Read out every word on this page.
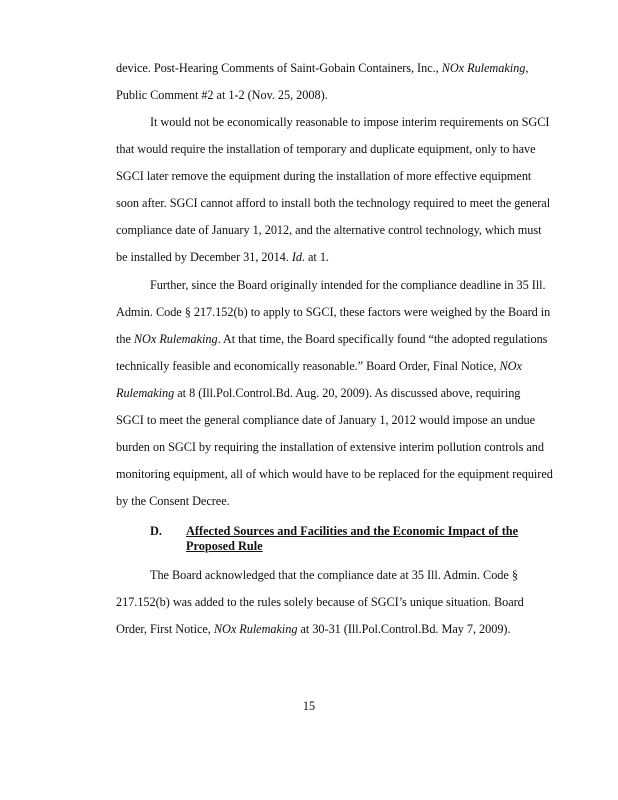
device. Post-Hearing Comments of Saint-Gobain Containers, Inc., NOx Rulemaking,
Public Comment #2 at 1-2 (Nov. 25, 2008).
It would not be economically reasonable to impose interim requirements on SGCI
that would require the installation of temporary and duplicate equipment, only to have
SGCI later remove the equipment during the installation of more effective equipment
soon after. SGCI cannot afford to install both the technology required to meet the general
compliance date of January 1, 2012, and the alternative control technology, which must
be installed by December 31, 2014. Id. at 1.
Further, since the Board originally intended for the compliance deadline in 35 Ill.
Admin. Code § 217.152(b) to apply to SGCI, these factors were weighed by the Board in
the NOx Rulemaking. At that time, the Board specifically found “the adopted regulations
technically feasible and economically reasonable.” Board Order, Final Notice, NOx
Rulemaking at 8 (Ill.Pol.Control.Bd. Aug. 20, 2009). As discussed above, requiring
SGCI to meet the general compliance date of January 1, 2012 would impose an undue
burden on SGCI by requiring the installation of extensive interim pollution controls and
monitoring equipment, all of which would have to be replaced for the equipment required
by the Consent Decree.
D. Affected Sources and Facilities and the Economic Impact of the
Proposed Rule
The Board acknowledged that the compliance date at 35 Ill. Admin. Code §
217.152(b) was added to the rules solely because of SGCI’s unique situation. Board
Order, First Notice, NOx Rulemaking at 30-31 (Ill.Pol.Control.Bd. May 7, 2009).
15
